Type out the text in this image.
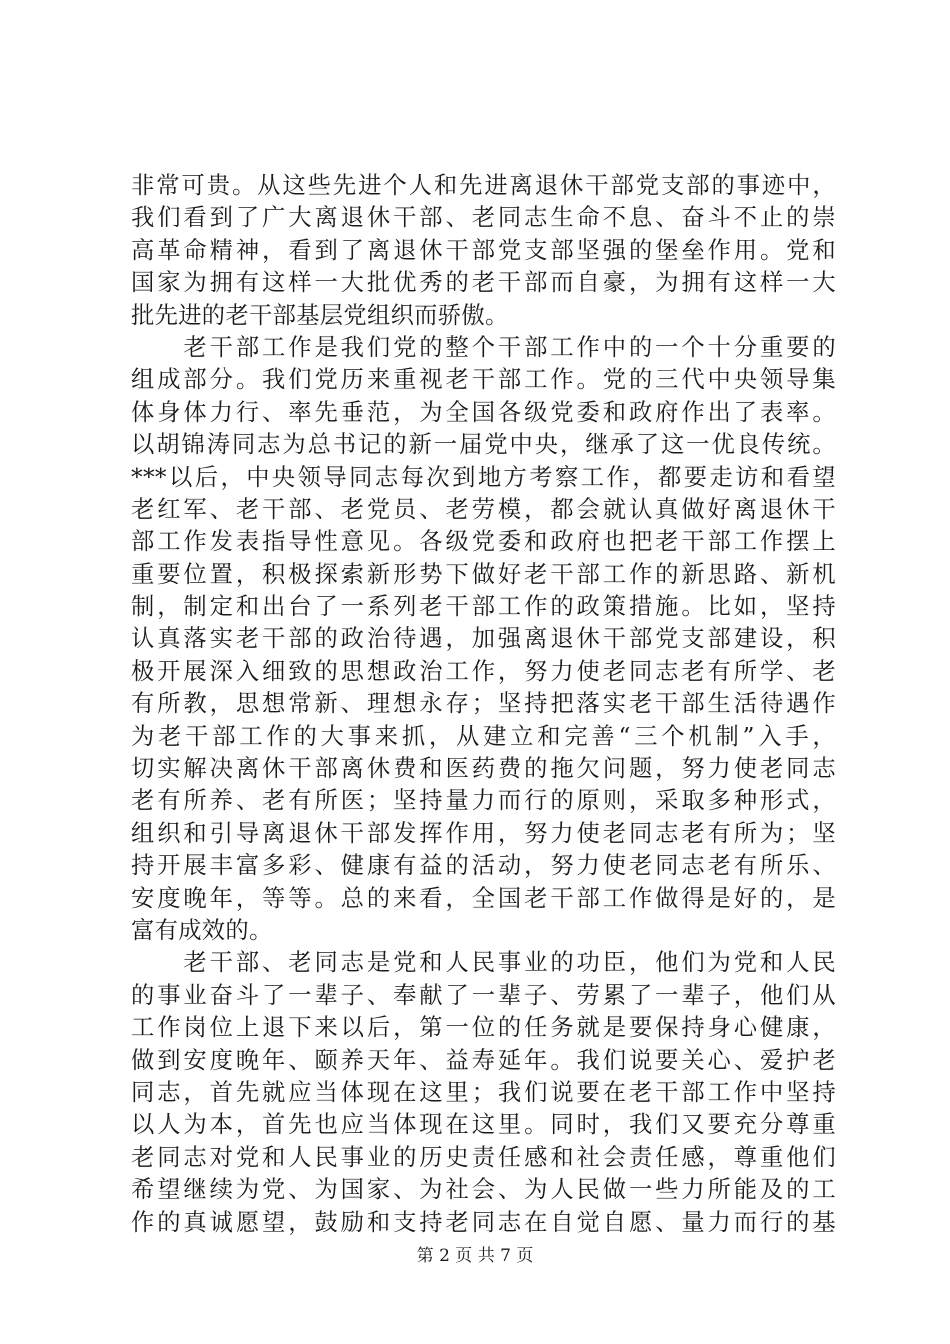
非常可贵。从这些先进个人和先进离退休干部党支部的事迹中，
我们看到了广大离退休干部、老同志生命不息、奋斗不止的崇
高革命精神，看到了离退休干部党支部坚强的堡垒作用。党和
国家为拥有这样一大批优秀的老干部而自豪，为拥有这样一大
批先进的老干部基层党组织而骄傲。
　　老干部工作是我们党的整个干部工作中的一个十分重要的
组成部分。我们党历来重视老干部工作。党的三代中央领导集
体身体力行、率先垂范，为全国各级党委和政府作出了表率。
以胡锦涛同志为总书记的新一届党中央，继承了这一优良传统。
***以后，中央领导同志每次到地方考察工作，都要走访和看望
老红军、老干部、老党员、老劳模，都会就认真做好离退休干
部工作发表指导性意见。各级党委和政府也把老干部工作摆上
重要位置，积极探索新形势下做好老干部工作的新思路、新机
制，制定和出台了一系列老干部工作的政策措施。比如，坚持
认真落实老干部的政治待遇，加强离退休干部党支部建设，积
极开展深入细致的思想政治工作，努力使老同志老有所学、老
有所教，思想常新、理想永存；坚持把落实老干部生活待遇作
为老干部工作的大事来抓，从建立和完善“三个机制”入手，
切实解决离休干部离休费和医药费的拖欠问题，努力使老同志
老有所养、老有所医；坚持量力而行的原则，采取多种形式，
组织和引导离退休干部发挥作用，努力使老同志老有所为；坚
持开展丰富多彩、健康有益的活动，努力使老同志老有所乐、
安度晚年，等等。总的来看，全国老干部工作做得是好的，是
富有成效的。
　　老干部、老同志是党和人民事业的功臣，他们为党和人民
的事业奋斗了一辈子、奉献了一辈子、劳累了一辈子，他们从
工作岗位上退下来以后，第一位的任务就是要保持身心健康，
做到安度晚年、颐养天年、益寿延年。我们说要关心、爱护老
同志，首先就应当体现在这里；我们说要在老干部工作中坚持
以人为本，首先也应当体现在这里。同时，我们又要充分尊重
老同志对党和人民事业的历史责任感和社会责任感，尊重他们
希望继续为党、为国家、为社会、为人民做一些力所能及的工
作的真诚愿望，鼓励和支持老同志在自觉自愿、量力而行的基
第 2 页 共 7 页
